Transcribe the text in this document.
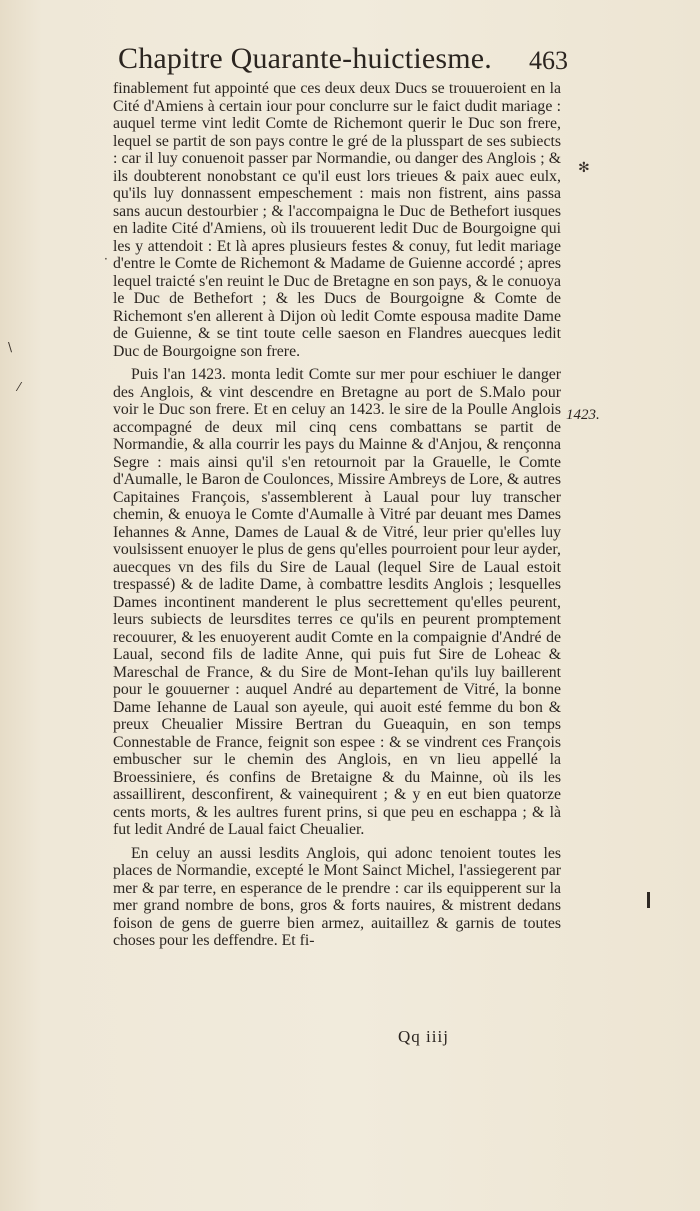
Chapitre Quarante-huictiesme. 463

finablement fut appointé que ces deux deux Ducs se trouueroient en la Cité d'Amiens à certain iour pour conclurre sur le faict dudit mariage : auquel terme vint ledit Comte de Richemont querir le Duc son frere, lequel se partit de son pays contre le gré de la plusspart de ses subiects : car il luy conuenoit passer par Normandie, ou danger des Anglois ; & ils doubterent nonobstant ce qu'il eust lors trieues & paix auec eulx, qu'ils luy donnassent empeschement : mais non fistrent, ains passa sans aucun destourbier ; & l'accompaigna le Duc de Bethefort iusques en ladite Cité d'Amiens, où ils trouuerent ledit Duc de Bourgoigne qui les y attendoit : Et là apres plusieurs festes & conuy, fut ledit mariage d'entre le Comte de Richemont & Madame de Guienne accordé ; apres lequel traicté s'en reuint le Duc de Bretagne en son pays, & le conuoya le Duc de Bethefort ; & les Ducs de Bourgoigne & Comte de Richemont s'en allerent à Dijon où ledit Comte espousa madite Dame de Guienne, & se tint toute celle saeson en Flandres auecques ledit Duc de Bourgoigne son frere.

Puis l'an 1423. monta ledit Comte sur mer pour eschiuer le danger des Anglois, & vint descendre en Bretagne au port de S.Malo pour voir le Duc son frere. Et en celuy an 1423. le sire de la Poulle Anglois accompagné de deux mil cinq cens combattans se partit de Normandie, & alla courrir les pays du Mainne & d'Anjou, & rençonna Segre : mais ainsi qu'il s'en retournoit par la Grauelle, le Comte d'Aumalle, le Baron de Coulonces, Missire Ambreys de Lore, & autres Capitaines François, s'assemblerent à Laual pour luy transcher chemin, & enuoya le Comte d'Aumalle à Vitré par deuant mes Dames Iehannes & Anne, Dames de Laual & de Vitré, leur prier qu'elles luy voulsissent enuoyer le plus de gens qu'elles pourroient pour leur ayder, auecques vn des fils du Sire de Laual (lequel Sire de Laual estoit trespassé) & de ladite Dame, à combattre lesdits Anglois ; lesquelles Dames incontinent manderent le plus secrettement qu'elles peurent, leurs subiects de leursdites terres ce qu'ils en peurent promptement recouurer, & les enuoyerent audit Comte en la compaignie d'André de Laual, second fils de ladite Anne, qui puis fut Sire de Loheac & Mareschal de France, & du Sire de Mont-Iehan qu'ils luy baillerent pour le gouuerner : auquel André au departement de Vitré, la bonne Dame Iehanne de Laual son ayeule, qui auoit esté femme du bon & preux Cheualier Missire Bertran du Gueaquin, en son temps Connestable de France, feignit son espee : & se vindrent ces François embuscher sur le chemin des Anglois, en vn lieu appellé la Broessiniere, és confins de Bretaigne & du Mainne, où ils les assaillirent, desconfirent, & vainequirent ; & y en eut bien quatorze cents morts, & les aultres furent prins, si que peu en eschappa ; & là fut ledit André de Laual faict Cheualier.

En celuy an aussi lesdits Anglois, qui adonc tenoient toutes les places de Normandie, excepté le Mont Sainct Michel, l'assiegerent par mer & par terre, en esperance de le prendre : car ils equipperent sur la mer grand nombre de bons, gros & forts nauires, & mistrent dedans foison de gens de guerre bien armez, auitaillez & garnis de toutes choses pour les deffendre. Et fi-

1423.
Qq iiij
✻
·
\
⁄
